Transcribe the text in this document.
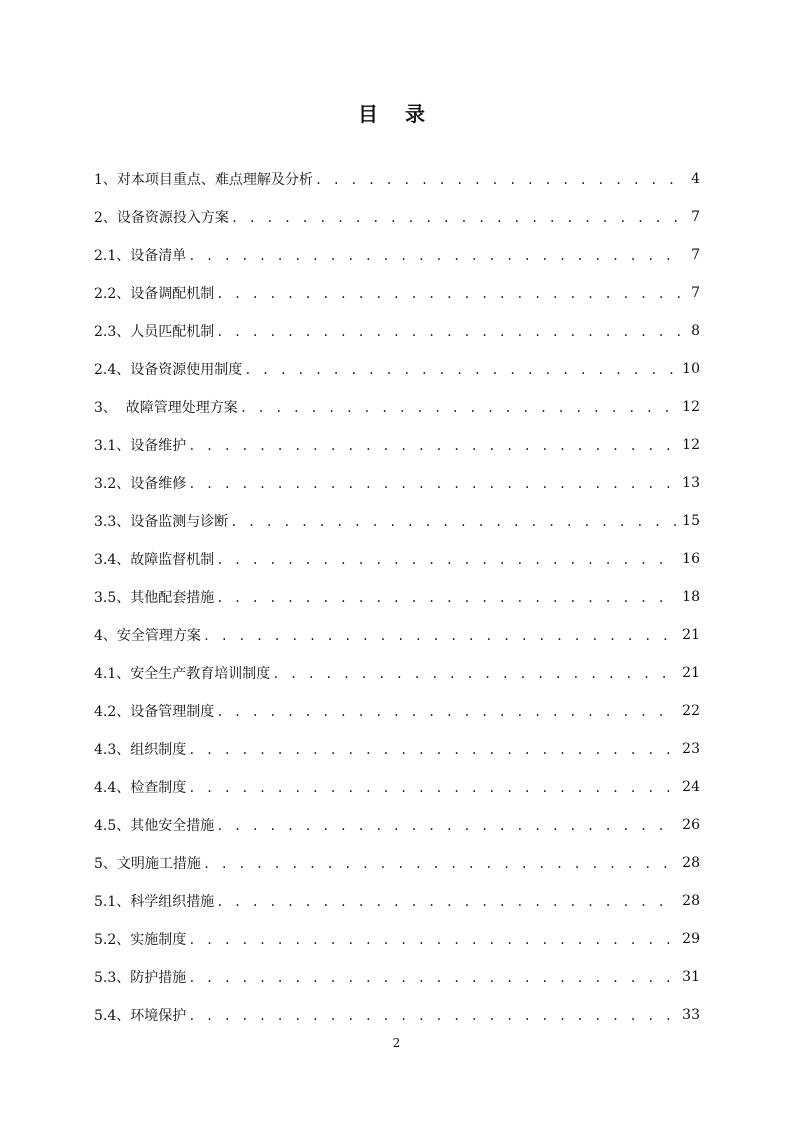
目 录
1、对本项目重点、难点理解及分析 . . .	4
2、设备资源投入方案 . . .	7
2.1、设备清单 . . .	7
2.2、设备调配机制 . . .	7
2.3、人员匹配机制 . . .	8
2.4、设备资源使用制度 . . .	10
3、  故障管理处理方案 . . .	12
3.1、设备维护 . . .	12
3.2、设备维修 . . .	13
3.3、设备监测与诊断 . . .	15
3.4、故障监督机制 . . .	16
3.5、其他配套措施 . . .	18
4、安全管理方案 . . .	21
4.1、安全生产教育培训制度 . . .	21
4.2、设备管理制度 . . .	22
4.3、组织制度 . . .	23
4.4、检查制度 . . .	24
4.5、其他安全措施 . . .	26
5、文明施工措施 . . .	28
5.1、科学组织措施 . . .	28
5.2、实施制度 . . .	29
5.3、防护措施 . . .	31
5.4、环境保护 . . .	33
2
